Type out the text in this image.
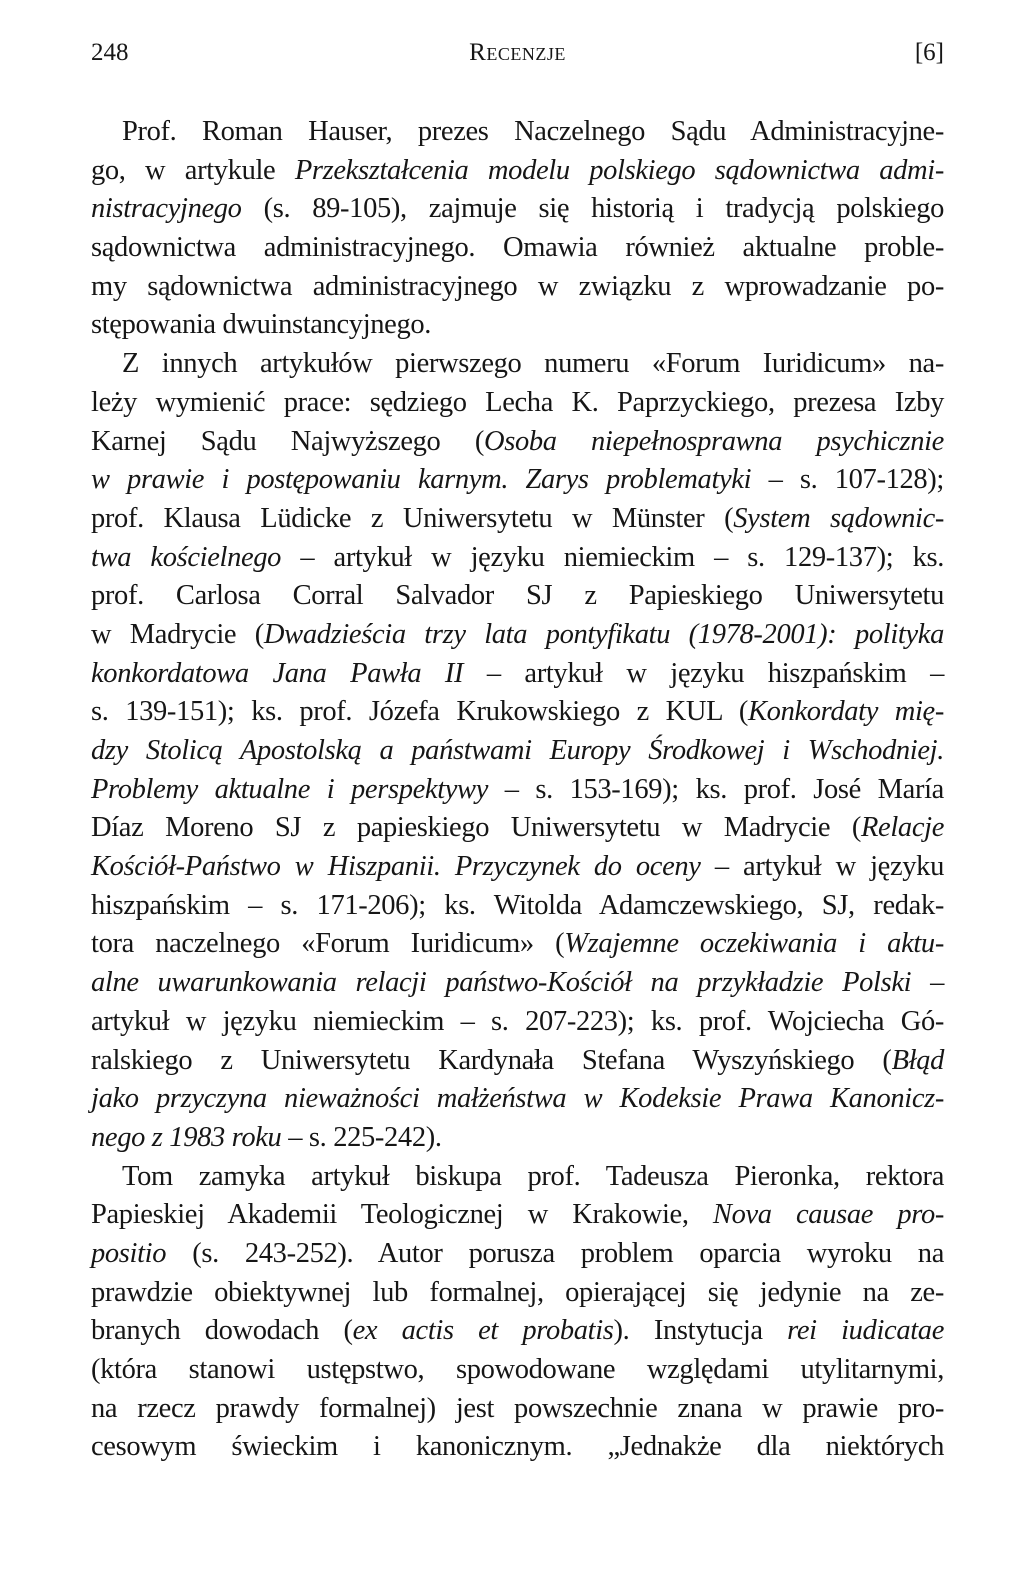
248	Recenzje	[6]
Prof. Roman Hauser, prezes Naczelnego Sądu Administracyjne-
go, w artykule Przekształcenia modelu polskiego sądownictwa admi-
nistracyjnego (s. 89-105), zajmuje się historią i tradycją polskiego
sądownictwa administracyjnego. Omawia również aktualne proble-
my sądownictwa administracyjnego w związku z wprowadzanie po-
stępowania dwuinstancyjnego.
Z innych artykułów pierwszego numeru «Forum Iuridicum» na-
leży wymienić prace: sędziego Lecha K. Paprzyckiego, prezesa Izby
Karnej Sądu Najwyższego (Osoba niepełnosprawna psychicznie
w prawie i postępowaniu karnym. Zarys problematyki – s. 107-128);
prof. Klausa Lüdicke z Uniwersytetu w Münster (System sądownic-
twa kościelnego – artykuł w języku niemieckim – s. 129-137); ks.
prof. Carlosa Corral Salvador SJ z Papieskiego Uniwersytetu
w Madrycie (Dwadzieścia trzy lata pontyfikatu (1978-2001): polityka
konkordatowa Jana Pawła II – artykuł w języku hiszpańskim –
s. 139-151); ks. prof. Józefa Krukowskiego z KUL (Konkordaty mię-
dzy Stolicą Apostolską a państwami Europy Środkowej i Wschodniej.
Problemy aktualne i perspektywy – s. 153-169); ks. prof. José María
Díaz Moreno SJ z papieskiego Uniwersytetu w Madrycie (Relacje
Kościół-Państwo w Hiszpanii. Przyczynek do oceny – artykuł w języku
hiszpańskim – s. 171-206); ks. Witolda Adamczewskiego, SJ, redak-
tora naczelnego «Forum Iuridicum» (Wzajemne oczekiwania i aktu-
alne uwarunkowania relacji państwo-Kościół na przykładzie Polski –
artykuł w języku niemieckim – s. 207-223); ks. prof. Wojciecha Gó-
ralskiego z Uniwersytetu Kardynała Stefana Wyszyńskiego (Błąd
jako przyczyna nieważności małżeństwa w Kodeksie Prawa Kanonicz-
nego z 1983 roku – s. 225-242).
Tom zamyka artykuł biskupa prof. Tadeusza Pieronka, rektora
Papieskiej Akademii Teologicznej w Krakowie, Nova causae pro-
positio (s. 243-252). Autor porusza problem oparcia wyroku na
prawdzie obiektywnej lub formalnej, opierającej się jedynie na ze-
branych dowodach (ex actis et probatis). Instytucja rei iudicatae
(która stanowi ustępstwo, spowodowane względami utylitarnymi,
na rzecz prawdy formalnej) jest powszechnie znana w prawie pro-
cesowym świeckim i kanonicznym. „Jednakże dla niektórych
